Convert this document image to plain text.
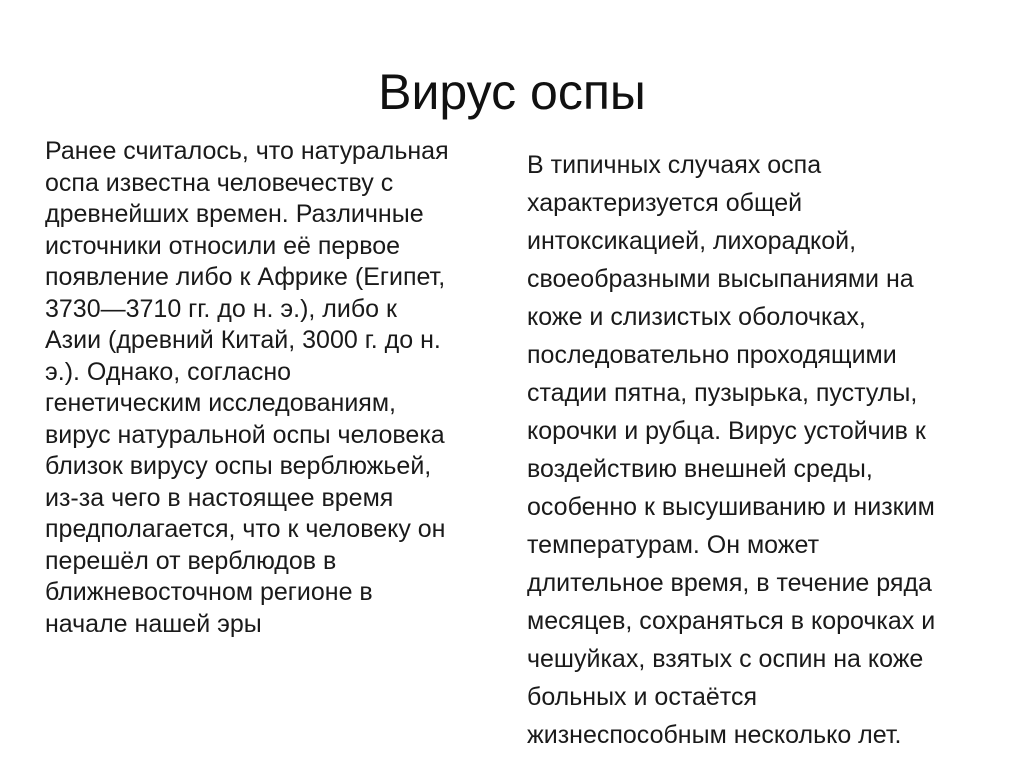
Вирус оспы
Ранее считалось, что натуральная
оспа известна человечеству с
древнейших времен. Различные
источники относили её первое
появление либо к Африке (Египет,
3730—3710 гг. до н. э.), либо к
Азии (древний Китай, 3000 г. до н.
э.). Однако, согласно
генетическим исследованиям,
вирус натуральной оспы человека
близок вирусу оспы верблюжьей,
из-за чего в настоящее время
предполагается, что к человеку он
перешёл от верблюдов в
ближневосточном регионе в
начале нашей эры
В типичных случаях оспа
характеризуется общей
интоксикацией, лихорадкой,
своеобразными высыпаниями на
коже и слизистых оболочках,
последовательно проходящими
стадии пятна, пузырька, пустулы,
корочки и рубца. Вирус устойчив к
воздействию внешней среды,
особенно к высушиванию и низким
температурам. Он может
длительное время, в течение ряда
месяцев, сохраняться в корочках и
чешуйках, взятых с оспин на коже
больных и остаётся
жизнеспособным несколько лет.
